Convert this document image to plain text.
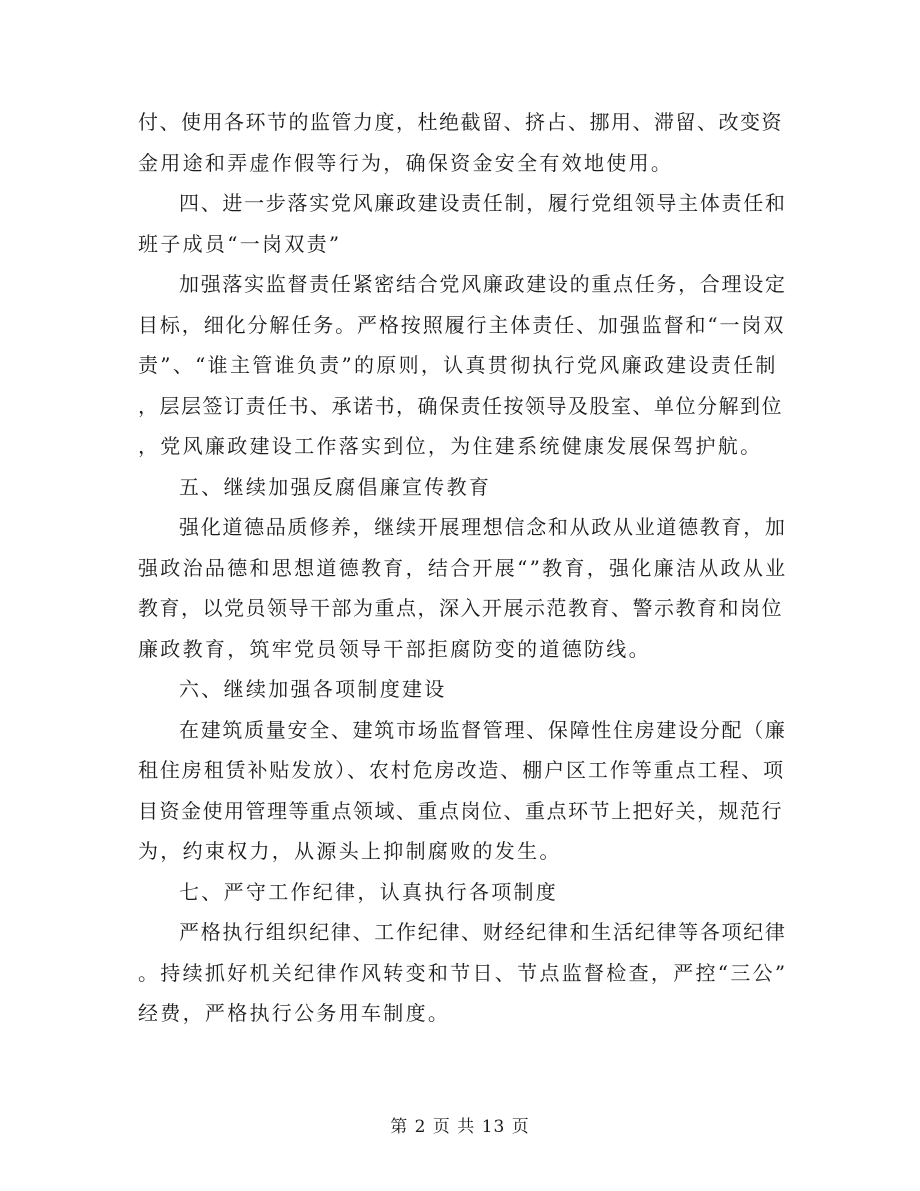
付、使用各环节的监管力度，杜绝截留、挤占、挪用、滞留、改变资
金用途和弄虚作假等行为，确保资金安全有效地使用。
四、进一步落实党风廉政建设责任制，履行党组领导主体责任和
班子成员“一岗双责”
加强落实监督责任紧密结合党风廉政建设的重点任务，合理设定
目标，细化分解任务。严格按照履行主体责任、加强监督和“一岗双
责”、“谁主管谁负责”的原则，认真贯彻执行党风廉政建设责任制
，层层签订责任书、承诺书，确保责任按领导及股室、单位分解到位
，党风廉政建设工作落实到位，为住建系统健康发展保驾护航。
五、继续加强反腐倡廉宣传教育
强化道德品质修养，继续开展理想信念和从政从业道德教育，加
强政治品德和思想道德教育，结合开展“”教育，强化廉洁从政从业
教育，以党员领导干部为重点，深入开展示范教育、警示教育和岗位
廉政教育，筑牢党员领导干部拒腐防变的道德防线。
六、继续加强各项制度建设
在建筑质量安全、建筑市场监督管理、保障性住房建设分配（廉
租住房租赁补贴发放）、农村危房改造、棚户区工作等重点工程、项
目资金使用管理等重点领域、重点岗位、重点环节上把好关，规范行
为，约束权力，从源头上抑制腐败的发生。
七、严守工作纪律，认真执行各项制度
严格执行组织纪律、工作纪律、财经纪律和生活纪律等各项纪律
。持续抓好机关纪律作风转变和节日、节点监督检查，严控“三公”
经费，严格执行公务用车制度。
第 2 页 共 13 页
